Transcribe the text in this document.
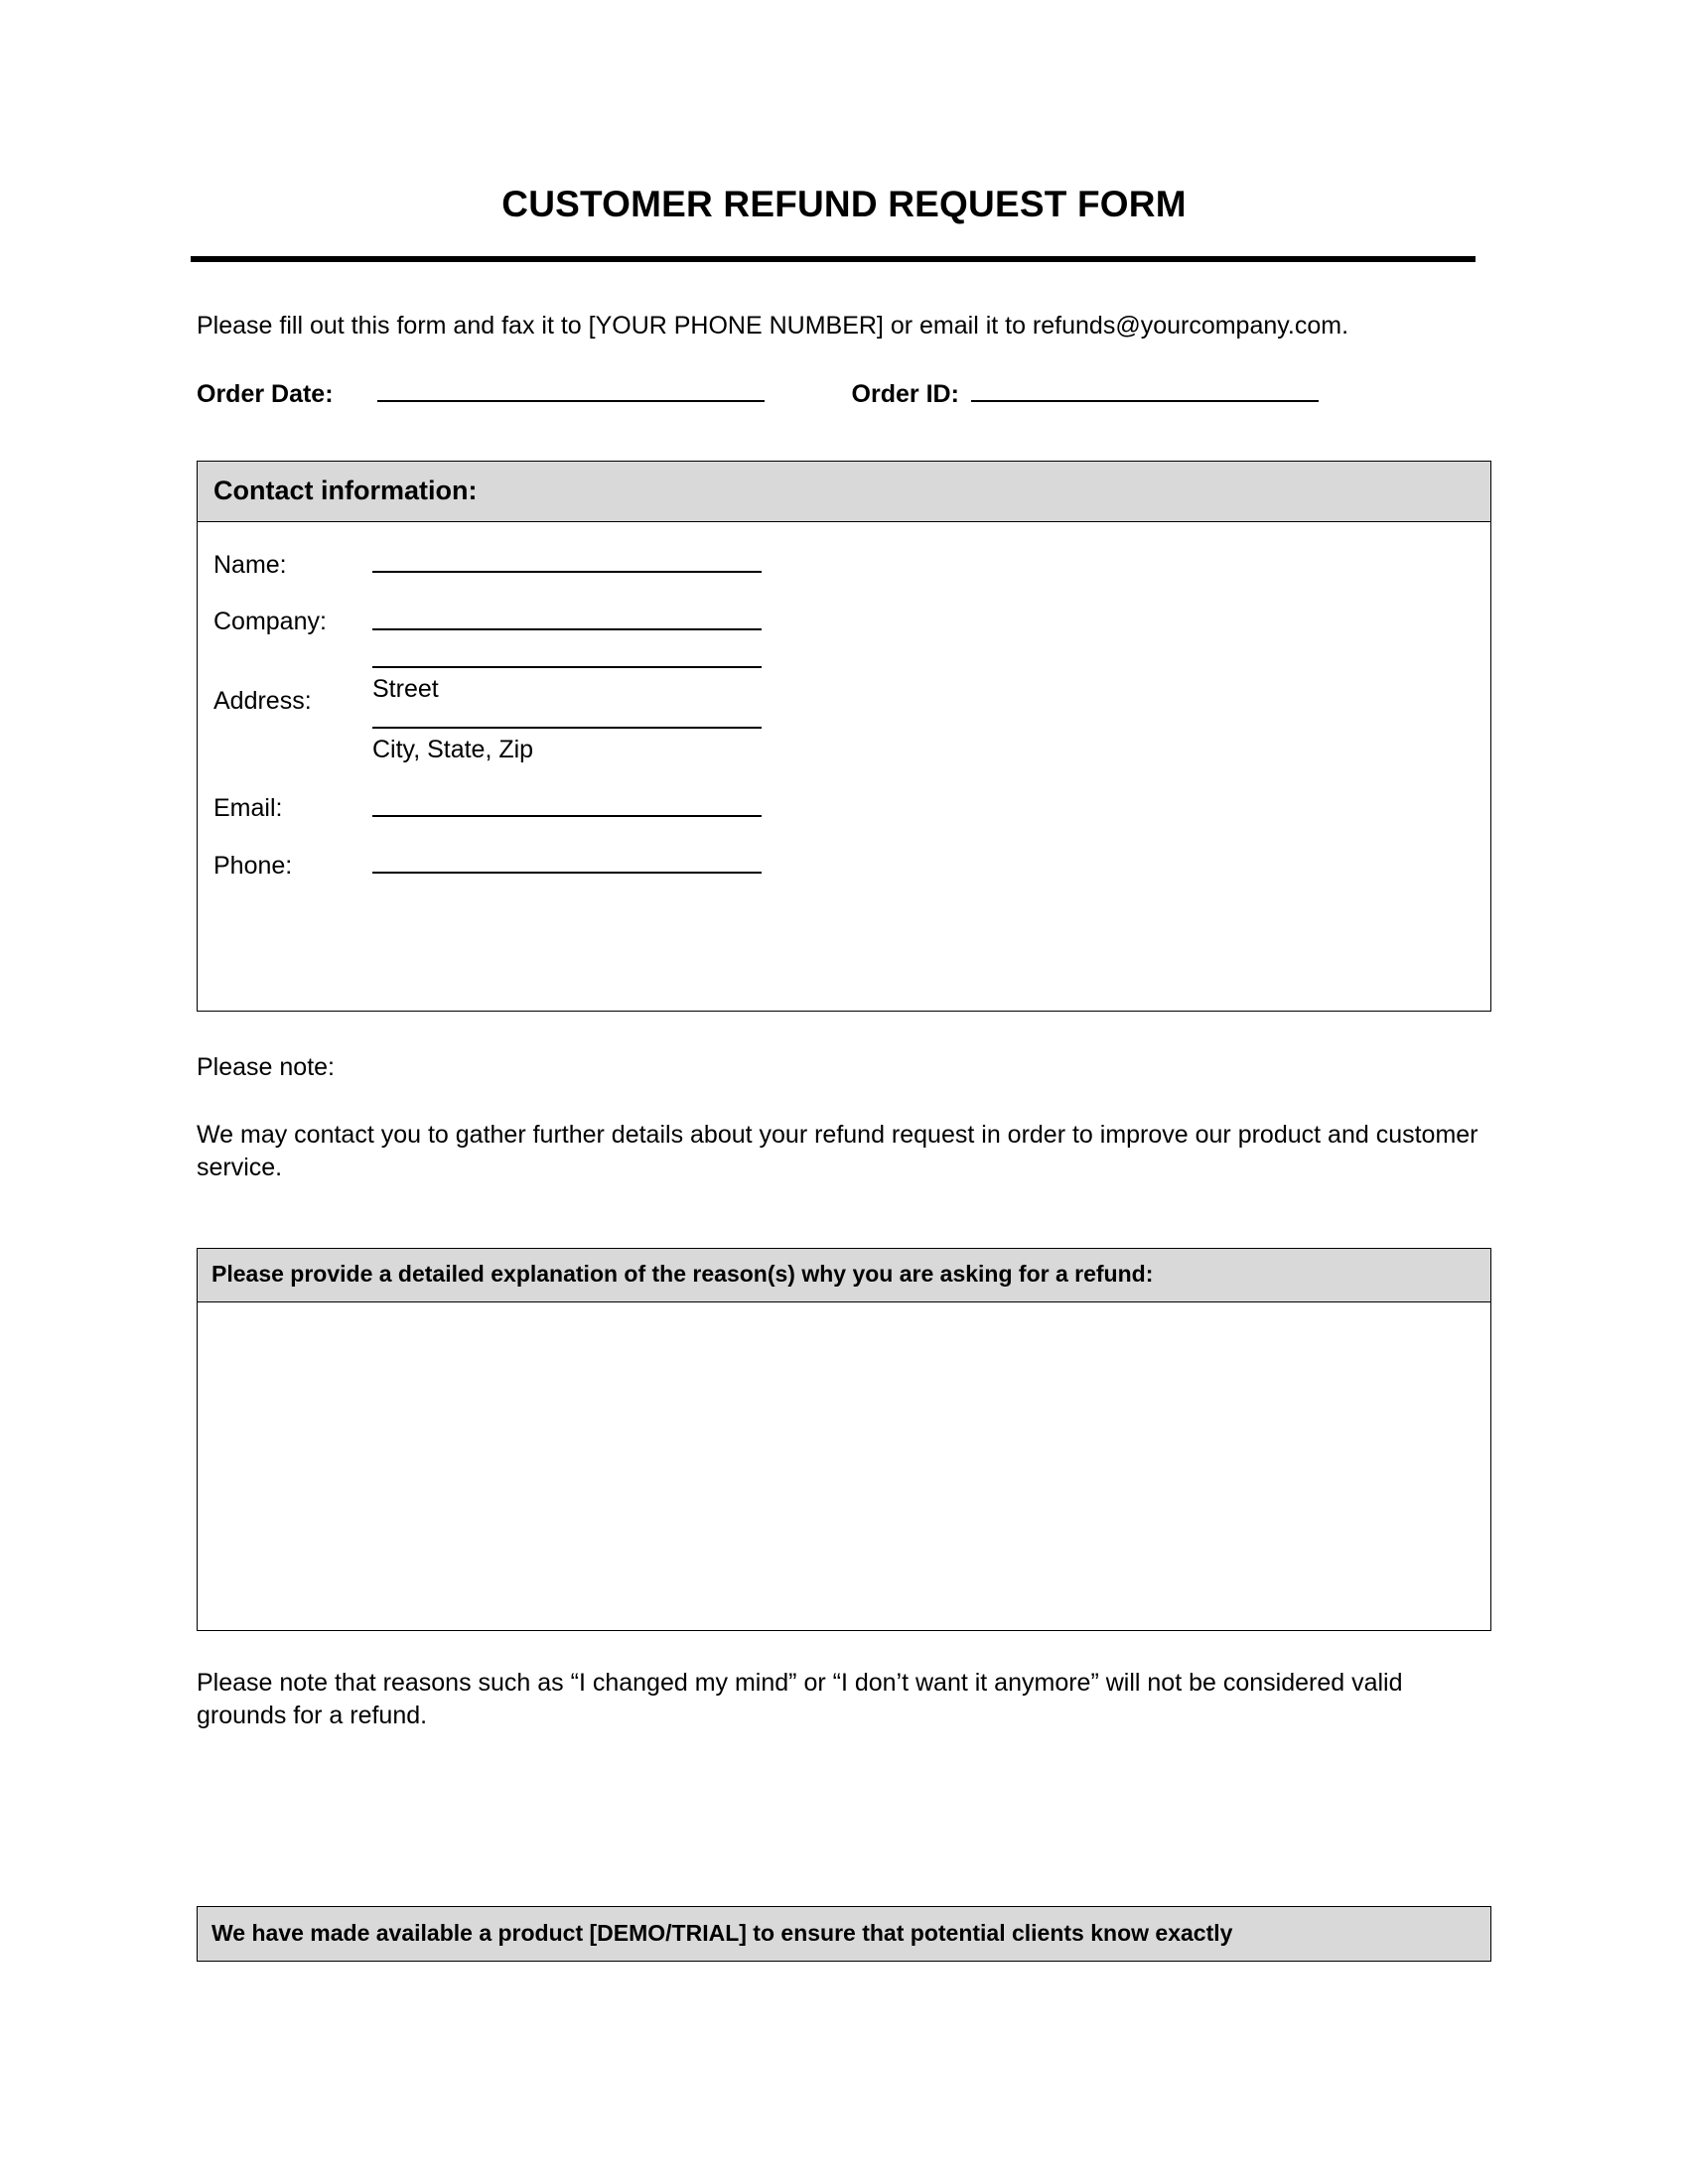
CUSTOMER REFUND REQUEST FORM

Please fill out this form and fax it to [YOUR PHONE NUMBER] or email it to refunds@yourcompany.com.

Order Date:	Order ID:
Contact information:
Name:
Company:
Address:	Street
City, State, Zip
Email:
Phone:

Please note:

We may contact you to gather further details about your refund request in order to improve our product and customer service.

Please provide a detailed explanation of the reason(s) why you are asking for a refund:

Please note that reasons such as “I changed my mind” or “I don’t want it anymore” will not be considered valid grounds for a refund.

We have made available a product [DEMO/TRIAL] to ensure that potential clients know exactly
